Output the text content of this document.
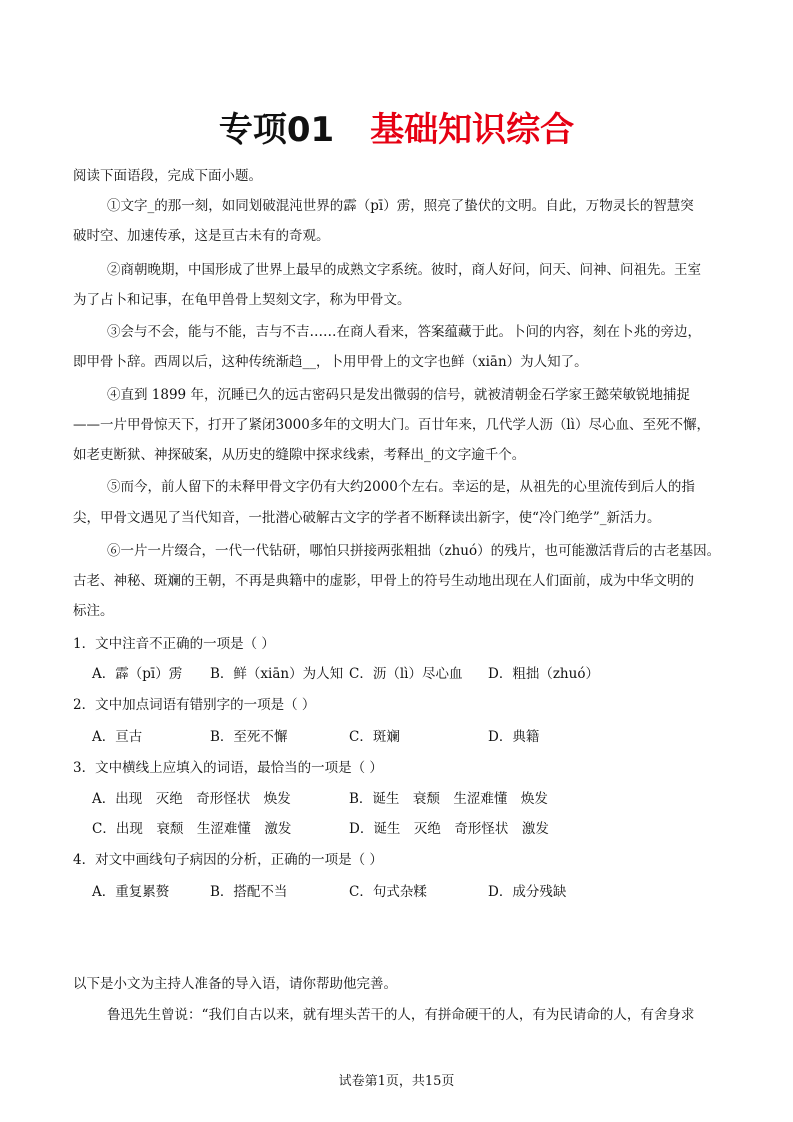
专项01 基础知识综合
阅读下面语段，完成下面小题。
①文字_的那一刻，如同划破混沌世界的霹（pī）雳，照亮了蛰伏的文明。自此，万物灵长的智慧突
破时空、加速传承，这是亘古未有的奇观。
②商朝晚期，中国形成了世界上最早的成熟文字系统。彼时，商人好问，问天、问神、问祖先。王室
为了占卜和记事，在龟甲兽骨上契刻文字，称为甲骨文。
③会与不会，能与不能，吉与不吉……在商人看来，答案蕴藏于此。卜问的内容，刻在卜兆的旁边，
即甲骨卜辞。西周以后，这种传统渐趋__，卜用甲骨上的文字也鲜（xiān）为人知了。
④直到 1899 年，沉睡已久的远古密码只是发出微弱的信号，就被清朝金石学家王懿荣敏锐地捕捉
——一片甲骨惊天下，打开了紧闭3000多年的文明大门。百廿年来，几代学人沥（lì）尽心血、至死不懈，
如老吏断狱、神探破案，从历史的缝隙中探求线索，考释出_的文字逾千个。
⑤而今，前人留下的未释甲骨文字仍有大约2000个左右。幸运的是，从祖先的心里流传到后人的指
尖，甲骨文遇见了当代知音，一批潜心破解古文字的学者不断释读出新字，使“冷门绝学”_新活力。
⑥一片一片缀合，一代一代钻研，哪怕只拼接两张粗拙（zhuó）的残片，也可能激活背后的古老基因。
古老、神秘、斑斓的王朝，不再是典籍中的虚影，甲骨上的符号生动地出现在人们面前，成为中华文明的
标注。
1．文中注音不正确的一项是（ ）
A．霹（pī）雳 B．鲜（xiān）为人知 C．沥（lì）尽心血 D．粗拙（zhuó）
2．文中加点词语有错别字的一项是（ ）
A．亘古	B．至死不懈	C．斑斓	D．典籍
3．文中横线上应填入的词语，最恰当的一项是（ ）
A．出现　灭绝　奇形怪状　焕发	B．诞生　衰颓　生涩难懂　焕发
C．出现　衰颓　生涩难懂　激发	D．诞生　灭绝　奇形怪状　激发
4．对文中画线句子病因的分析，正确的一项是（ ）
A．重复累赘	B．搭配不当	C．句式杂糅	D．成分残缺
以下是小文为主持人准备的导入语，请你帮助他完善。
鲁迅先生曾说：“我们自古以来，就有埋头苦干的人，有拼命硬干的人，有为民请命的人，有舍身求
试卷第1页，共15页
